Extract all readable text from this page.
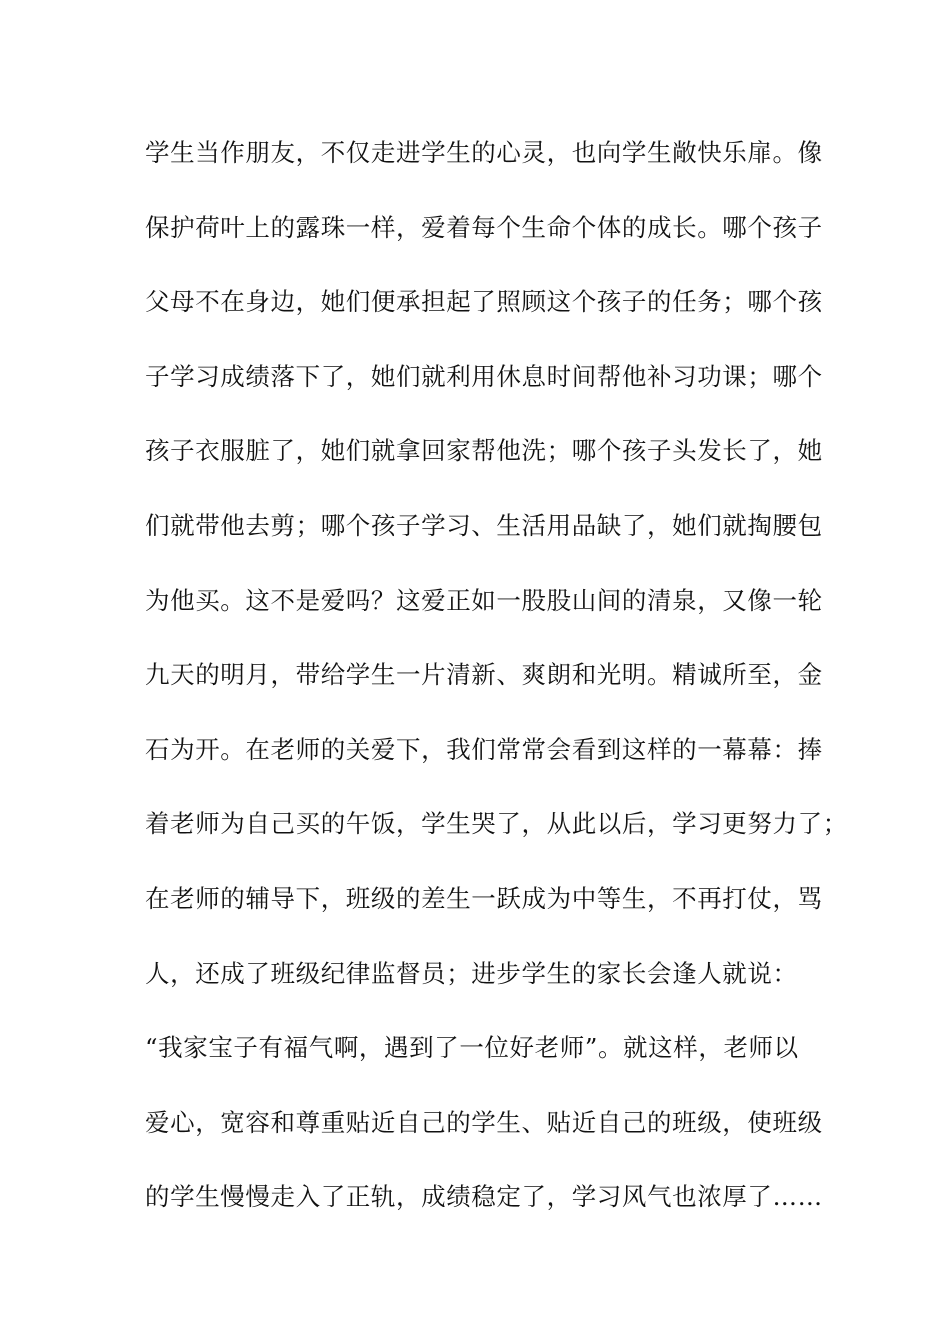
学生当作朋友，不仅走进学生的心灵，也向学生敞快乐扉。像
保护荷叶上的露珠一样，爱着每个生命个体的成长。哪个孩子
父母不在身边，她们便承担起了照顾这个孩子的任务；哪个孩
子学习成绩落下了，她们就利用休息时间帮他补习功课；哪个
孩子衣服脏了，她们就拿回家帮他洗；哪个孩子头发长了，她
们就带他去剪；哪个孩子学习、生活用品缺了，她们就掏腰包
为他买。这不是爱吗？这爱正如一股股山间的清泉，又像一轮
九天的明月，带给学生一片清新、爽朗和光明。精诚所至，金
石为开。在老师的关爱下，我们常常会看到这样的一幕幕：捧
着老师为自己买的午饭，学生哭了，从此以后，学习更努力了；
在老师的辅导下，班级的差生一跃成为中等生，不再打仗，骂
人，还成了班级纪律监督员；进步学生的家长会逢人就说：
“我家宝子有福气啊，遇到了一位好老师”。就这样，老师以
爱心，宽容和尊重贴近自己的学生、贴近自己的班级，使班级
的学生慢慢走入了正轨，成绩稳定了，学习风气也浓厚了……
